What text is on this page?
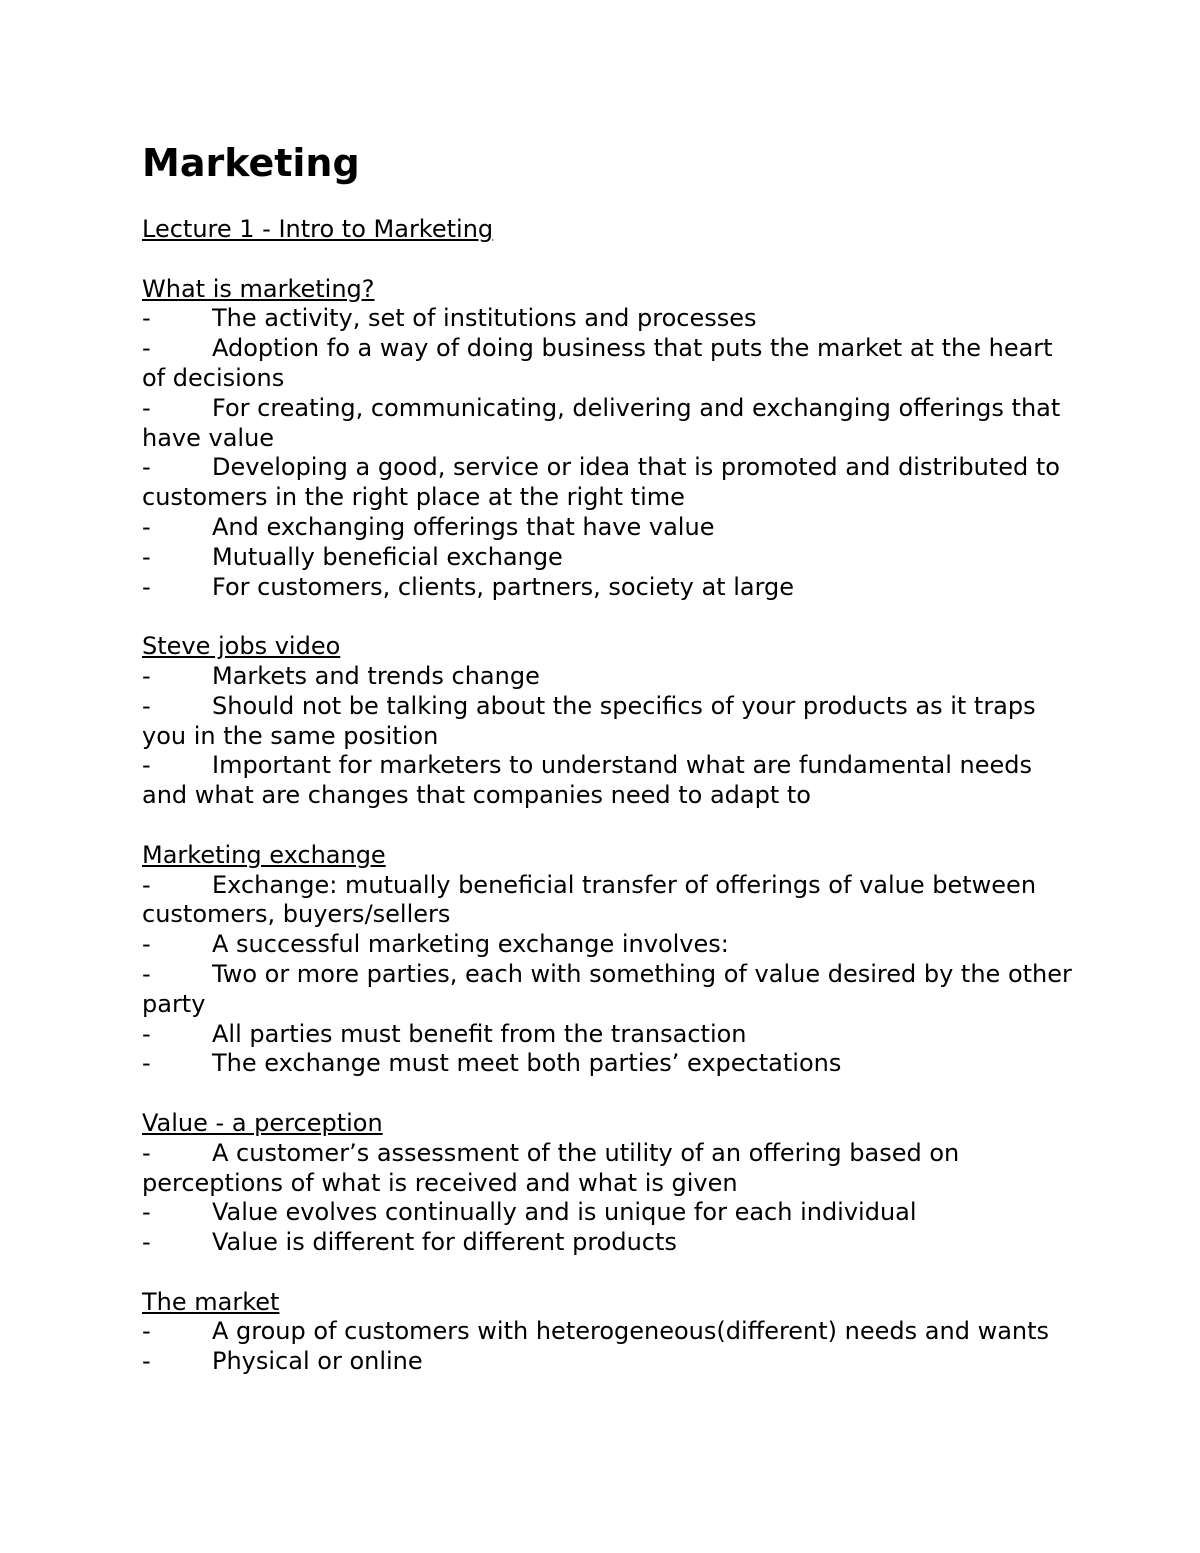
Marketing
Lecture 1 - Intro to Marketing
What is marketing?
-	The activity, set of institutions and processes
-	Adoption fo a way of doing business that puts the market at the heart of decisions
-	For creating, communicating, delivering and exchanging offerings that have value
-	Developing a good, service or idea that is promoted and distributed to customers in the right place at the right time
-	And exchanging offerings that have value
-	Mutually beneficial exchange
-	For customers, clients, partners, society at large
Steve jobs video
-	Markets and trends change
-	Should not be talking about the specifics of your products as it traps you in the same position
-	Important for marketers to understand what are fundamental needs and what are changes that companies need to adapt to
Marketing exchange
-	Exchange: mutually beneficial transfer of offerings of value between customers, buyers/sellers
-	A successful marketing exchange involves:
-	Two or more parties, each with something of value desired by the other party
-	All parties must benefit from the transaction
-	The exchange must meet both parties’ expectations
Value - a perception
-	A customer’s assessment of the utility of an offering based on perceptions of what is received and what is given
-	Value evolves continually and is unique for each individual
-	Value is different for different products
The market
-	A group of customers with heterogeneous(different) needs and wants
-	Physical or online
